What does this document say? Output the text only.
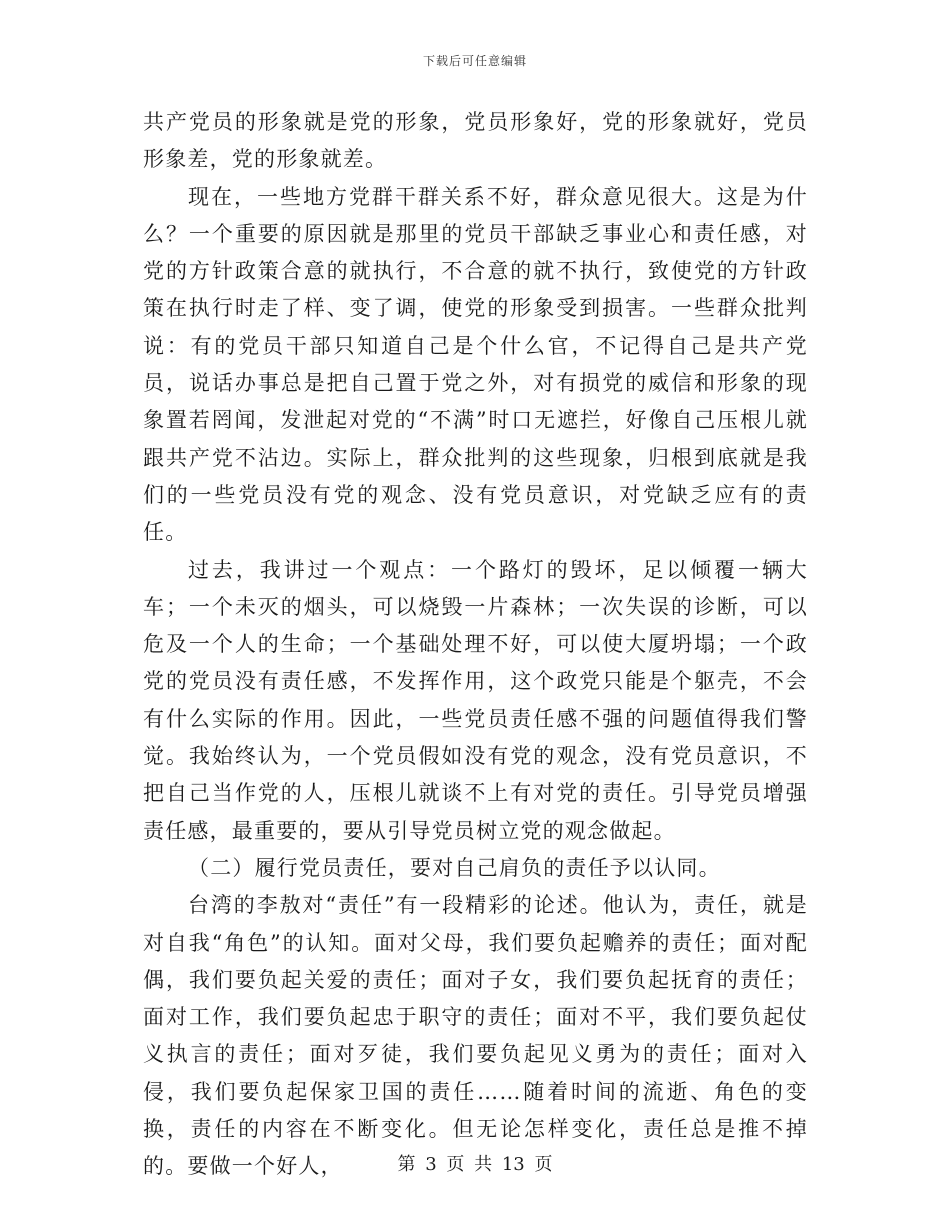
下载后可任意编辑

共产党员的形象就是党的形象，党员形象好，党的形象就好，党员形象差，党的形象就差。

现在，一些地方党群干群关系不好，群众意见很大。这是为什么？一个重要的原因就是那里的党员干部缺乏事业心和责任感，对党的方针政策合意的就执行，不合意的就不执行，致使党的方针政策在执行时走了样、变了调，使党的形象受到损害。一些群众批判说：有的党员干部只知道自己是个什么官，不记得自己是共产党员，说话办事总是把自己置于党之外，对有损党的威信和形象的现象置若罔闻，发泄起对党的“不满”时口无遮拦，好像自己压根儿就跟共产党不沾边。实际上，群众批判的这些现象，归根到底就是我们的一些党员没有党的观念、没有党员意识，对党缺乏应有的责任。

过去，我讲过一个观点：一个路灯的毁坏，足以倾覆一辆大车；一个未灭的烟头，可以烧毁一片森林；一次失误的诊断，可以危及一个人的生命；一个基础处理不好，可以使大厦坍塌；一个政党的党员没有责任感，不发挥作用，这个政党只能是个躯壳，不会有什么实际的作用。因此，一些党员责任感不强的问题值得我们警觉。我始终认为，一个党员假如没有党的观念，没有党员意识，不把自己当作党的人，压根儿就谈不上有对党的责任。引导党员增强责任感，最重要的，要从引导党员树立党的观念做起。

（二）履行党员责任，要对自己肩负的责任予以认同。

台湾的李敖对“责任”有一段精彩的论述。他认为，责任，就是对自我“角色”的认知。面对父母，我们要负起赡养的责任；面对配偶，我们要负起关爱的责任；面对子女，我们要负起抚育的责任；面对工作，我们要负起忠于职守的责任；面对不平，我们要负起仗义执言的责任；面对歹徒，我们要负起见义勇为的责任；面对入侵，我们要负起保家卫国的责任……随着时间的流逝、角色的变换，责任的内容在不断变化。但无论怎样变化，责任总是推不掉的。要做一个好人，	第 3 页 共 13 页
